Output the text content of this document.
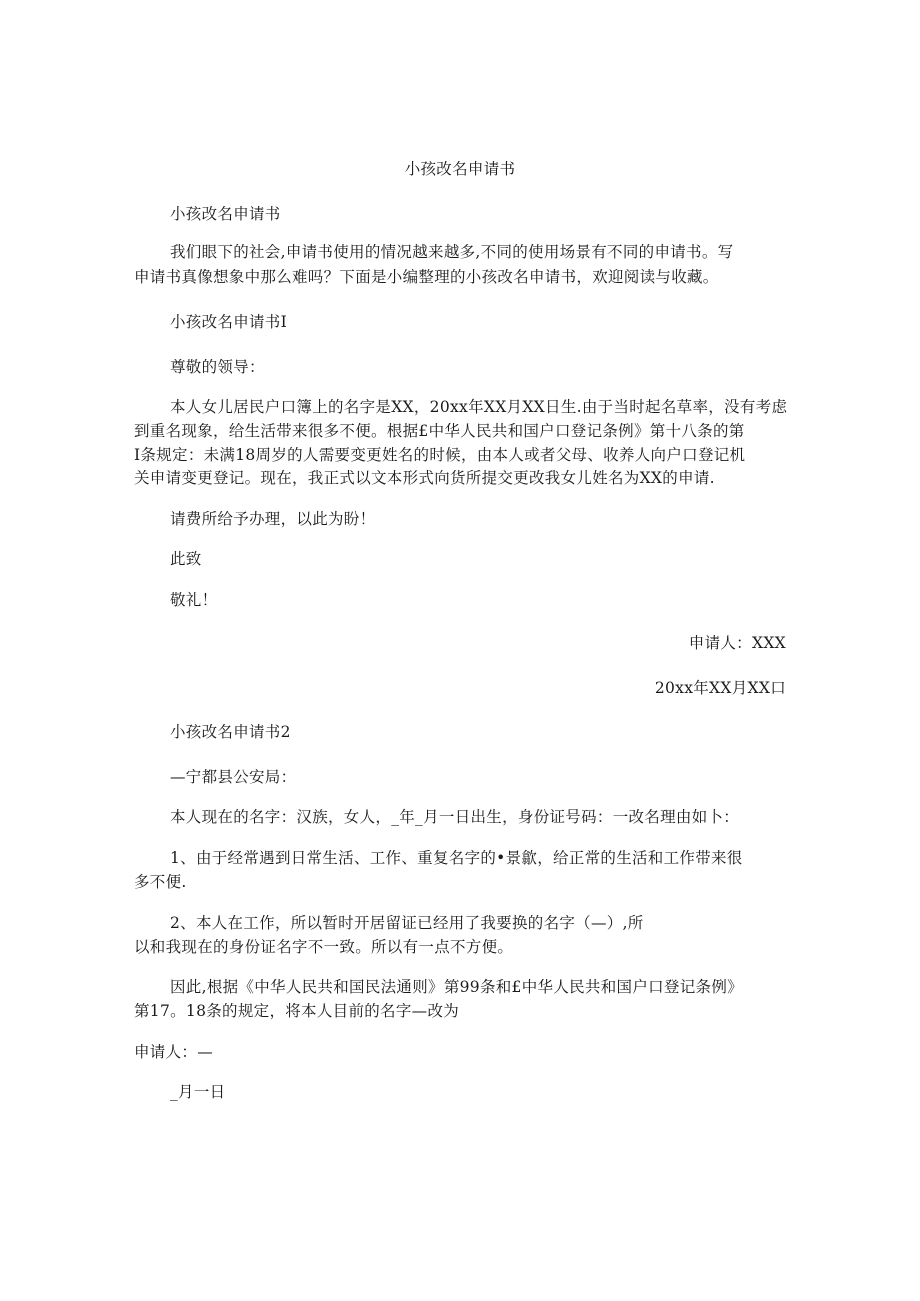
小孩改名申请书
小孩改名申请书
我们眼下的社会,申请书使用的情况越来越多,不同的使用场景有不同的申请书。写
申请书真像想象中那么难吗？下面是小编整理的小孩改名申请书，欢迎阅读与收藏。
小孩改名申请书I
尊敬的领导：
本人女儿居民户口簿上的名字是XX，20xx年XX月XX日生.由于当时起名草率，没有考虑
到重名现象，给生活带来很多不便。根据£中华人民共和国户口登记条例》第十八条的第
I条规定：未满18周岁的人需要变更姓名的时候，由本人或者父母、收养人向户口登记机
关申请变更登记。现在，我正式以文本形式向货所提交更改我女儿姓名为XX的申请.
请费所给予办理，以此为盼！
此致
敬礼！
申请人：XXX
20xx年XX月XX口
小孩改名申请书2
—宁都县公安局：
本人现在的名字：汉族，女人，_年_月一日出生，身份证号码：一改名理由如卜：
1、由于经常遇到日常生活、工作、重复名字的•景歙，给正常的生活和工作带来很
多不便.
2、本人在工作，所以暂时开居留证已经用了我要换的名字（—）,所
以和我现在的身份证名字不一致。所以有一点不方便。
因此,根据《中华人民共和国民法通则》第99条和£中华人民共和国户口登记条例》
第17。18条的规定，将本人目前的名字—改为
申请人：—
_月一日
